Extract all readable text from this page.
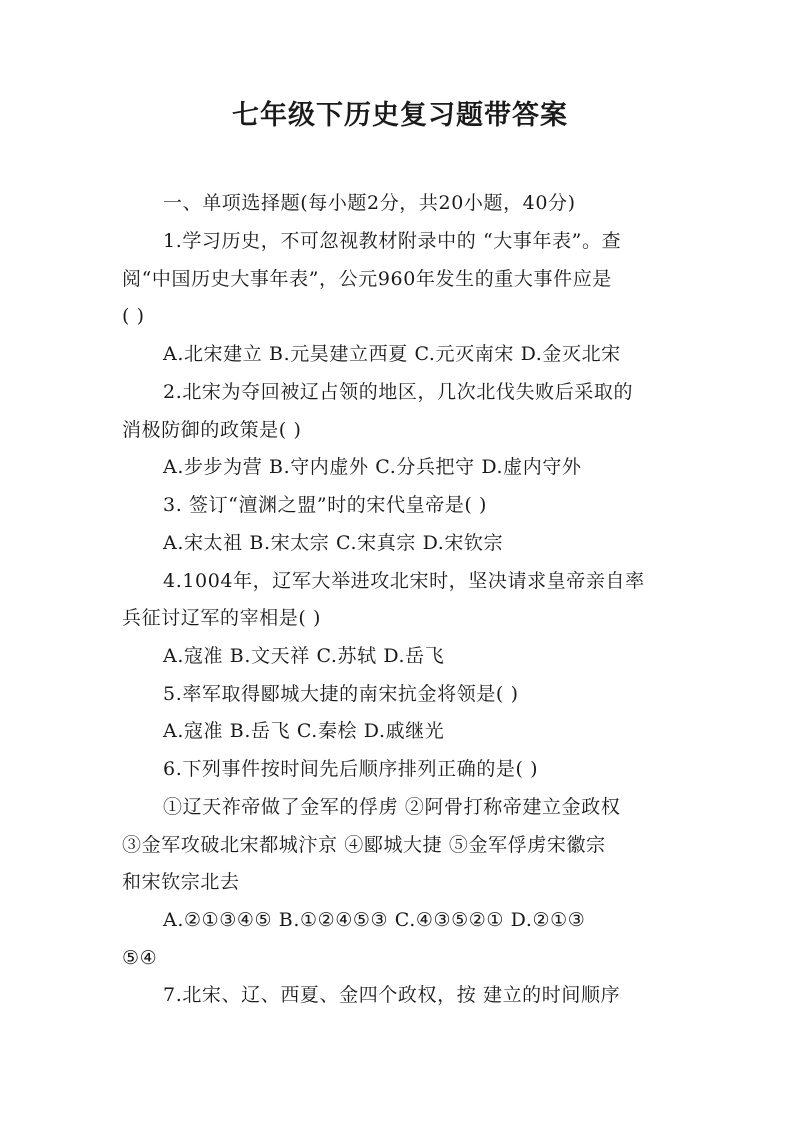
七年级下历史复习题带答案
一、单项选择题(每小题2分，共20小题，40分)
1.学习历史，不可忽视教材附录中的 “大事年表”。查
阅“中国历史大事年表”，公元960年发生的重大事件应是
( )
A.北宋建立 B.元昊建立西夏 C.元灭南宋 D.金灭北宋
2.北宋为夺回被辽占领的地区，几次北伐失败后采取的
消极防御的政策是( )
A.步步为营 B.守内虚外 C.分兵把守 D.虚内守外
3. 签订“澶渊之盟”时的宋代皇帝是( )
A.宋太祖 B.宋太宗 C.宋真宗 D.宋钦宗
4.1004年，辽军大举进攻北宋时，坚决请求皇帝亲自率
兵征讨辽军的宰相是( )
A.寇准 B.文天祥 C.苏轼 D.岳飞
5.率军取得郾城大捷的南宋抗金将领是( )
A.寇准 B.岳飞 C.秦桧 D.戚继光
6.下列事件按时间先后顺序排列正确的是( )
①辽天祚帝做了金军的俘虏 ②阿骨打称帝建立金政权
③金军攻破北宋都城汴京 ④郾城大捷 ⑤金军俘虏宋徽宗
和宋钦宗北去
A.②①③④⑤ B.①②④⑤③ C.④③⑤②① D.②①③
⑤④
7.北宋、辽、西夏、金四个政权，按 建立的时间顺序
